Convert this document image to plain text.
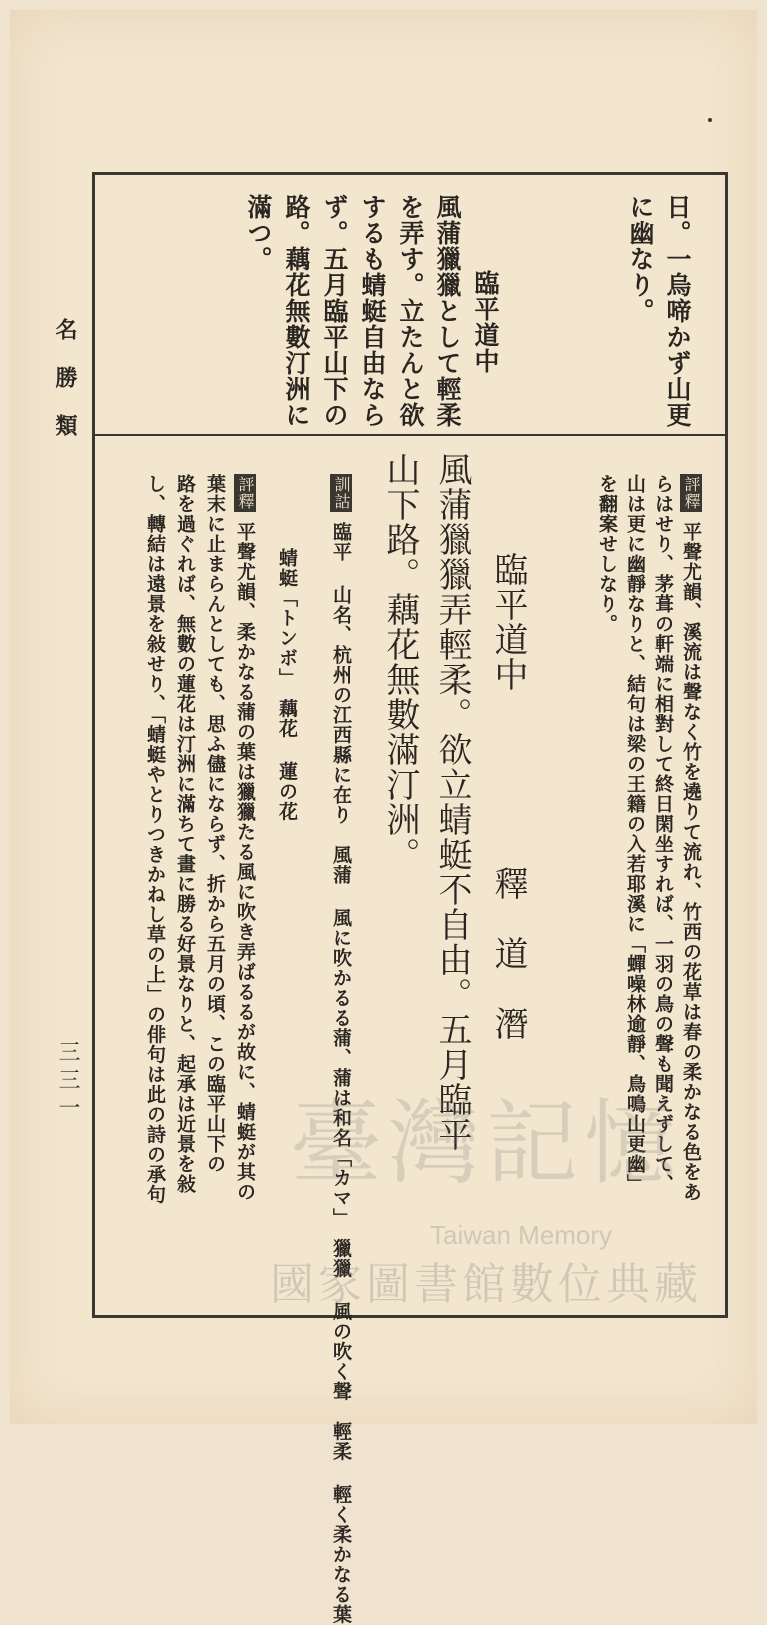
名勝類
三三一
日。一烏啼かず山更
に幽なり。
臨平道中
風蒲獵獵として輕柔
を弄す。立たんと欲
するも蜻蜓自由なら
ず。五月臨平山下の
路。藕花無數汀洲に
滿つ。
評釋
平聲尤韻、溪流は聲なく竹を遶りて流れ、竹西の花草は春の柔かなる色をあ
らはせり、茅葺の軒端に相對して終日閑坐すれば、一羽の鳥の聲も聞えずして、
山は更に幽靜なりと、結句は梁の王籍の入若耶溪に「蟬噪林逾靜、鳥鳴山更幽」
を翻案せしなり。
臨平道中
釋　道　潛
風蒲獵獵弄輕柔。欲立蜻蜓不自由。五月臨平
山下路。藕花無數滿汀洲。
訓詁
臨平 山名、杭州の江西縣に在り　風蒲 風に吹かるる蒲、蒲は和名「カマ」　獵獵 風の吹く聲　輕柔 輕く柔かなる葉
蜻蜓「トンボ」　藕花 蓮の花
評釋
平聲尤韻、柔かなる蒲の葉は獵獵たる風に吹き弄ばるるが故に、蜻蜓が其の
葉末に止まらんとしても、思ふ儘にならず、折から五月の頃、この臨平山下の
路を過ぐれば、無數の蓮花は汀洲に滿ちて畫に勝る好景なりと、起承は近景を敍
し、轉結は遠景を敍せり、「蜻蜓やとりつきかねし草の上」の俳句は此の詩の承句 臺灣記憶
Taiwan Memory
國家圖書館數位典藏
